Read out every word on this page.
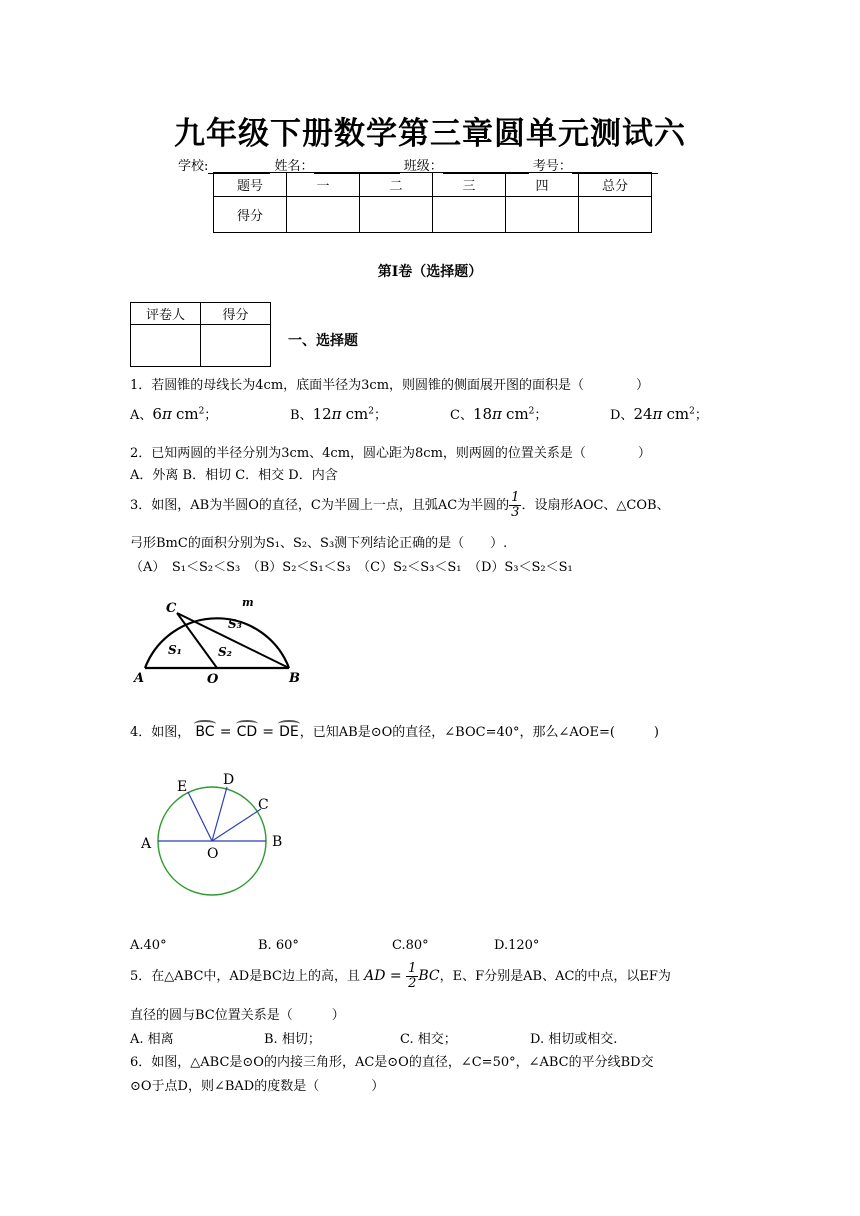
九年级下册数学第三章圆单元测试六
学校:	姓名：	班级：	考号：
题号	一	二	三	四	总分
得分					
第Ⅰ卷（选择题）
评卷人	得分

一、选择题
1．若圆锥的母线长为4cm，底面半径为3cm，则圆锥的侧面展开图的面积是（　　　　）
A、6π $cm^2$；	B、12π $cm^2$；	C、18π $cm^2$；	D、24π $cm^2$；
2．已知两圆的半径分别为3cm、4cm，圆心距为8cm，则两圆的位置关系是（　　　　）
A．外离 B．相切 C．相交 D．内含
3．如图，AB为半圆O的直径，C为半圆上一点，且弧AC为半圆的 $\frac{1}{3}$ ．设扇形AOC、△COB、
弓形BmC的面积分别为S₁、S₂、S₃测下列结论正确的是（　　）.
（A）　S₁＜S₂＜S₃　（B）S₂＜S₁＜S₃　（C）S₂＜S₃＜S₁　（D）S₃＜S₂＜S₁
A	O	B
C	m
S₁	S₂
S₃
4．如图， BC = CD = DE，已知AB是⊙O的直径，∠BOC=40°，那么∠AOE=(　　　)
A
O
B
C
D
E
A.40°	B. 60°	C.80°	D.120°
5．在△ABC中，AD是BC边上的高，且 AD = $\frac{1}{2}$ BC，E、F分别是AB、AC的中点，以EF为
直径的圆与BC位置关系是（　　　）
A. 相离	B. 相切；	C. 相交；	D. 相切或相交.
6．如图，△ABC是⊙O的内接三角形，AC是⊙O的直径，∠C=50°，∠ABC的平分线BD交
⊙O于点D，则∠BAD的度数是（　　　　）
